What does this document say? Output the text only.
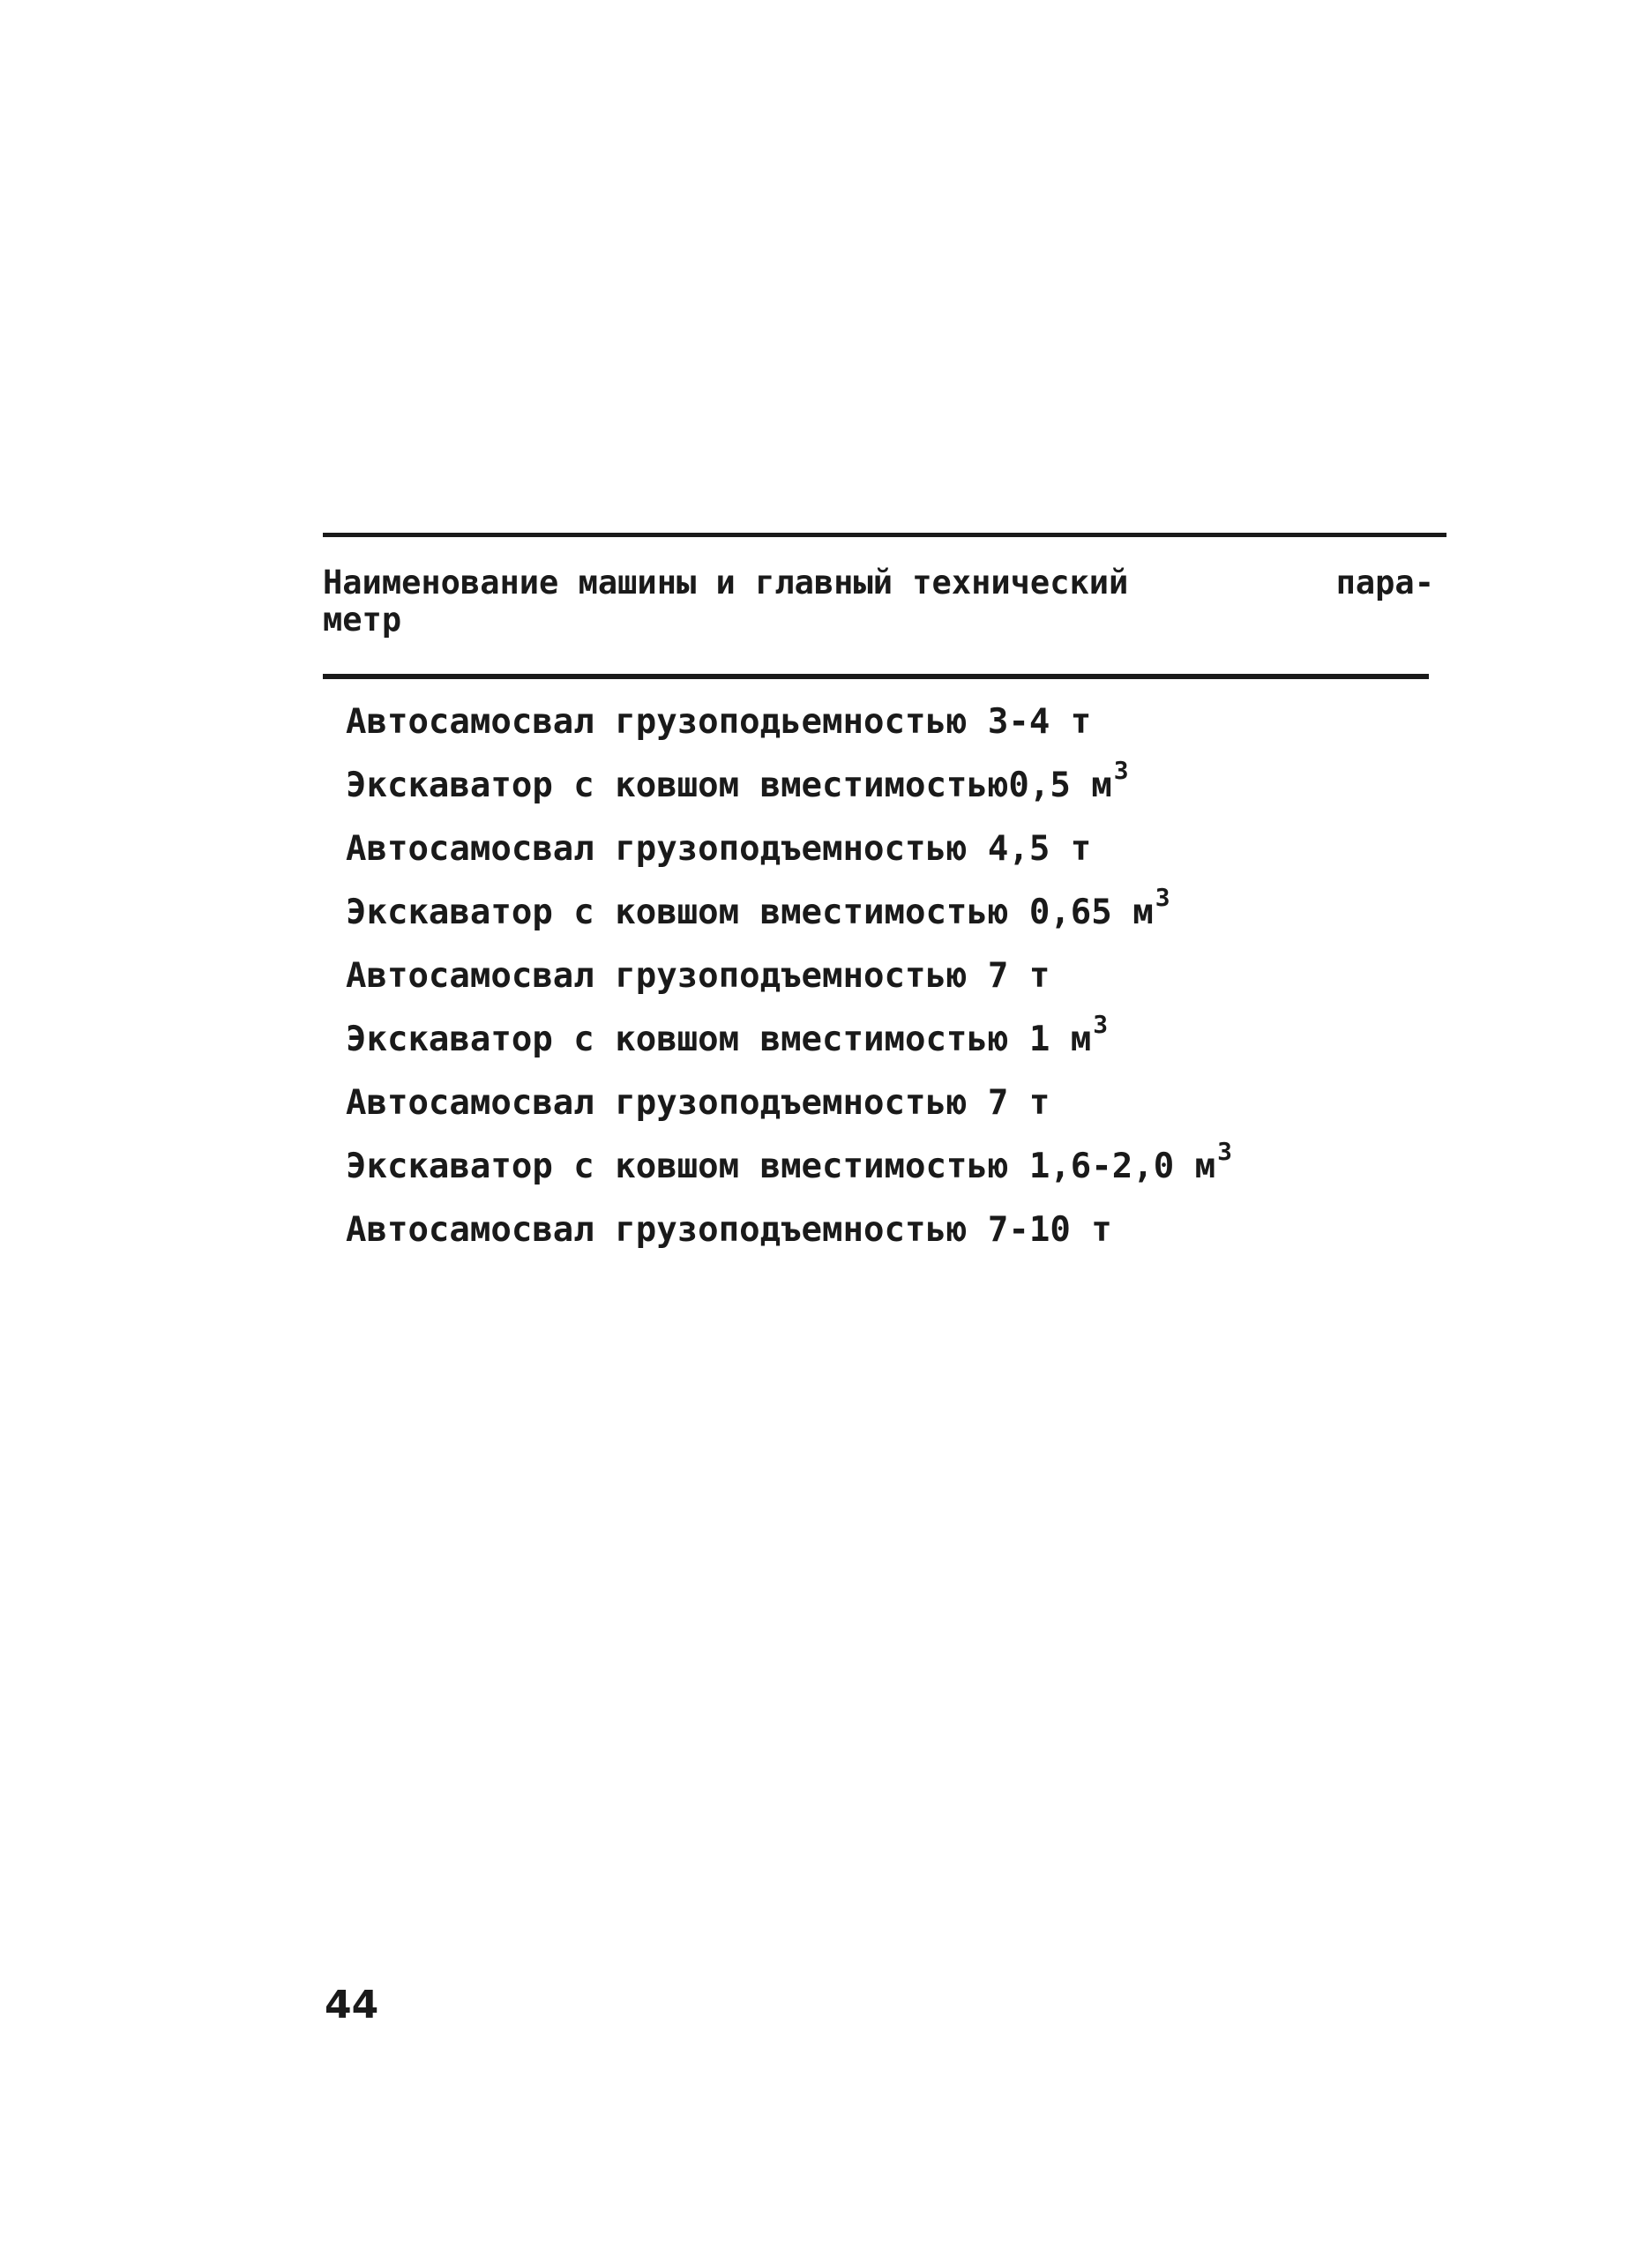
Наименование машины и главный технический	пара-
метр
Автосамосвал грузоподьемностью 3-4 т
Экскаватор с ковшом вместимостью0,5 $м^3$
Автосамосвал грузоподъемностью 4,5 т
Экскаватор с ковшом вместимостью 0,65 $м^3$
Автосамосвал грузоподъемностью 7 т
Экскаватор с ковшом вместимостью 1 $м^3$
Автосамосвал грузоподъемностью 7 т
Экскаватор с ковшом вместимостью 1,6-2,0 $м^3$
Автосамосвал грузоподъемностью 7-10 т
44
